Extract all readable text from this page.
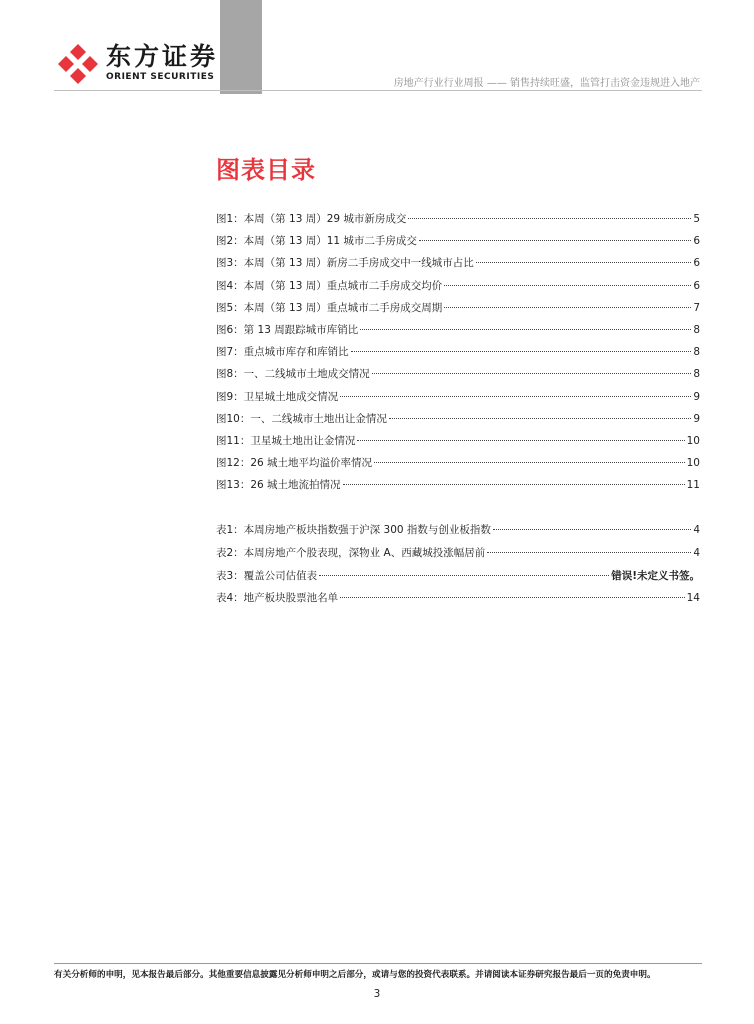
东方证券
ORIENT SECURITIES
房地产行业行业周报 —— 销售持续旺盛，监管打击资金违规进入地产
图表目录
图1：本周（第 13 周）29 城市新房成交	5
图2：本周（第 13 周）11 城市二手房成交	6
图3：本周（第 13 周）新房二手房成交中一线城市占比	6
图4：本周（第 13 周）重点城市二手房成交均价	6
图5：本周（第 13 周）重点城市二手房成交周期	7
图6：第 13 周跟踪城市库销比	8
图7：重点城市库存和库销比	8
图8：一、二线城市土地成交情况	8
图9：卫星城土地成交情况	9
图10：一、二线城市土地出让金情况	9
图11：卫星城土地出让金情况	10
图12：26 城土地平均溢价率情况	10
图13：26 城土地流拍情况	11
表1：本周房地产板块指数强于沪深 300 指数与创业板指数	4
表2：本周房地产个股表现，深物业 A、西藏城投涨幅居前	4
表3：覆盖公司估值表	错误!未定义书签。
表4：地产板块股票池名单	14
有关分析师的申明，见本报告最后部分。其他重要信息披露见分析师申明之后部分，或请与您的投资代表联系。并请阅读本证券研究报告最后一页的免责申明。
3
